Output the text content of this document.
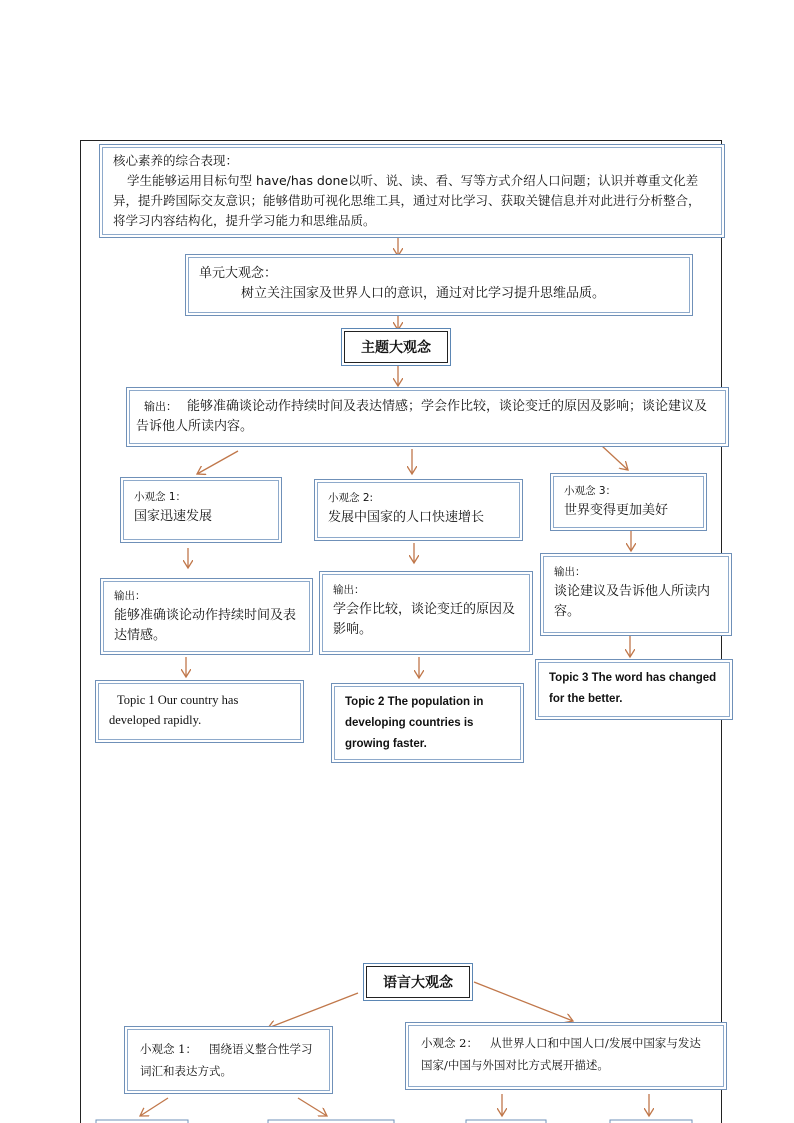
核心素养的综合表现：
学生能够运用目标句型 have/has done以听、说、读、看、写等方式介绍人口问题；认识并尊重文化差异，提升跨国际交友意识；能够借助可视化思维工具，通过对比学习、获取关键信息并对此进行分析整合，将学习内容结构化，提升学习能力和思维品质。
单元大观念：
树立关注国家及世界人口的意识，通过对比学习提升思维品质。
主题大观念
输出： 能够准确谈论动作持续时间及表达情感；学会作比较，谈论变迁的原因及影响；谈论建议及告诉他人所读内容。
小观念 1：
国家迅速发展
小观念 2:
发展中国家的人口快速增长
小观念 3：
世界变得更加美好
输出：
能够准确谈论动作持续时间及表达情感。
输出：
学会作比较，谈论变迁的原因及影响。
输出：
谈论建议及告诉他人所读内容。
Topic 1 Our country has developed rapidly.
Topic 2 The population in developing countries is growing faster.
Topic 3 The word has changed for the better.
语言大观念
小观念 1： 围绕语义整合性学习词汇和表达方式。
小观念 2： 从世界人口和中国人口/发展中国家与发达国家/中国与外国对比方式展开描述。
